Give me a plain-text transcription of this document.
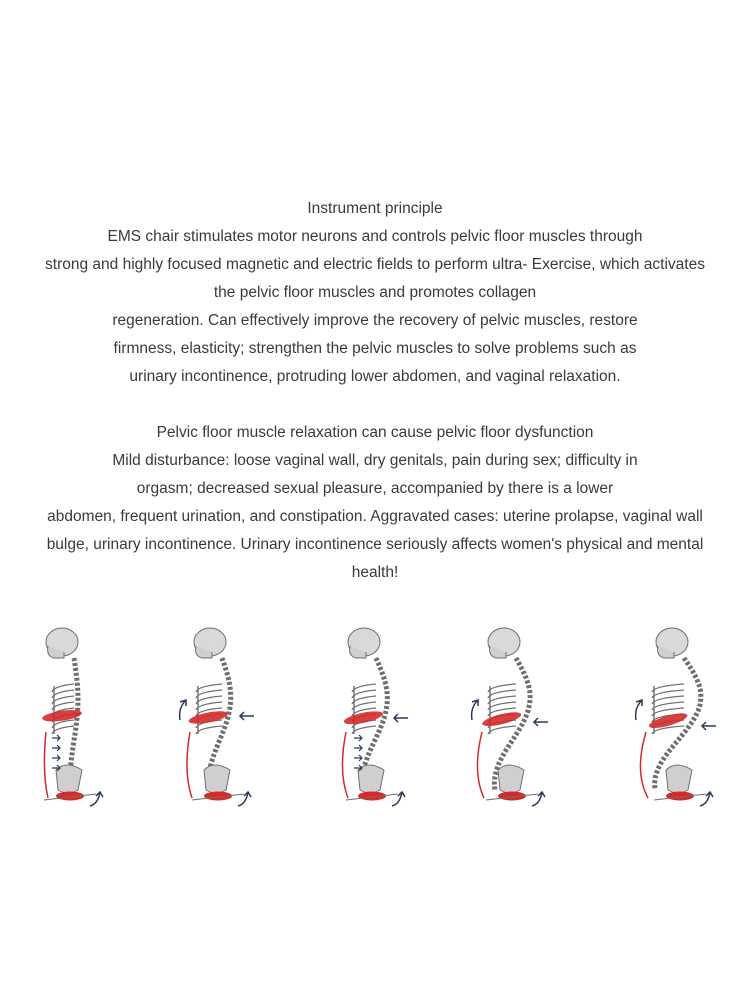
Instrument principle
EMS chair stimulates motor neurons and controls pelvic floor muscles through
strong and highly focused magnetic and electric fields to perform ultra- Exercise, which activates
the pelvic floor muscles and promotes collagen
regeneration. Can effectively improve the recovery of pelvic muscles, restore
firmness, elasticity; strengthen the pelvic muscles to solve problems such as
urinary incontinence, protruding lower abdomen, and vaginal relaxation.
Pelvic floor muscle relaxation can cause pelvic floor dysfunction
Mild disturbance: loose vaginal wall, dry genitals, pain during sex; difficulty in
orgasm; decreased sexual pleasure, accompanied by there is a lower
abdomen, frequent urination, and constipation. Aggravated cases: uterine prolapse, vaginal wall
bulge, urinary incontinence. Urinary incontinence seriously affects women's physical and mental
health!
